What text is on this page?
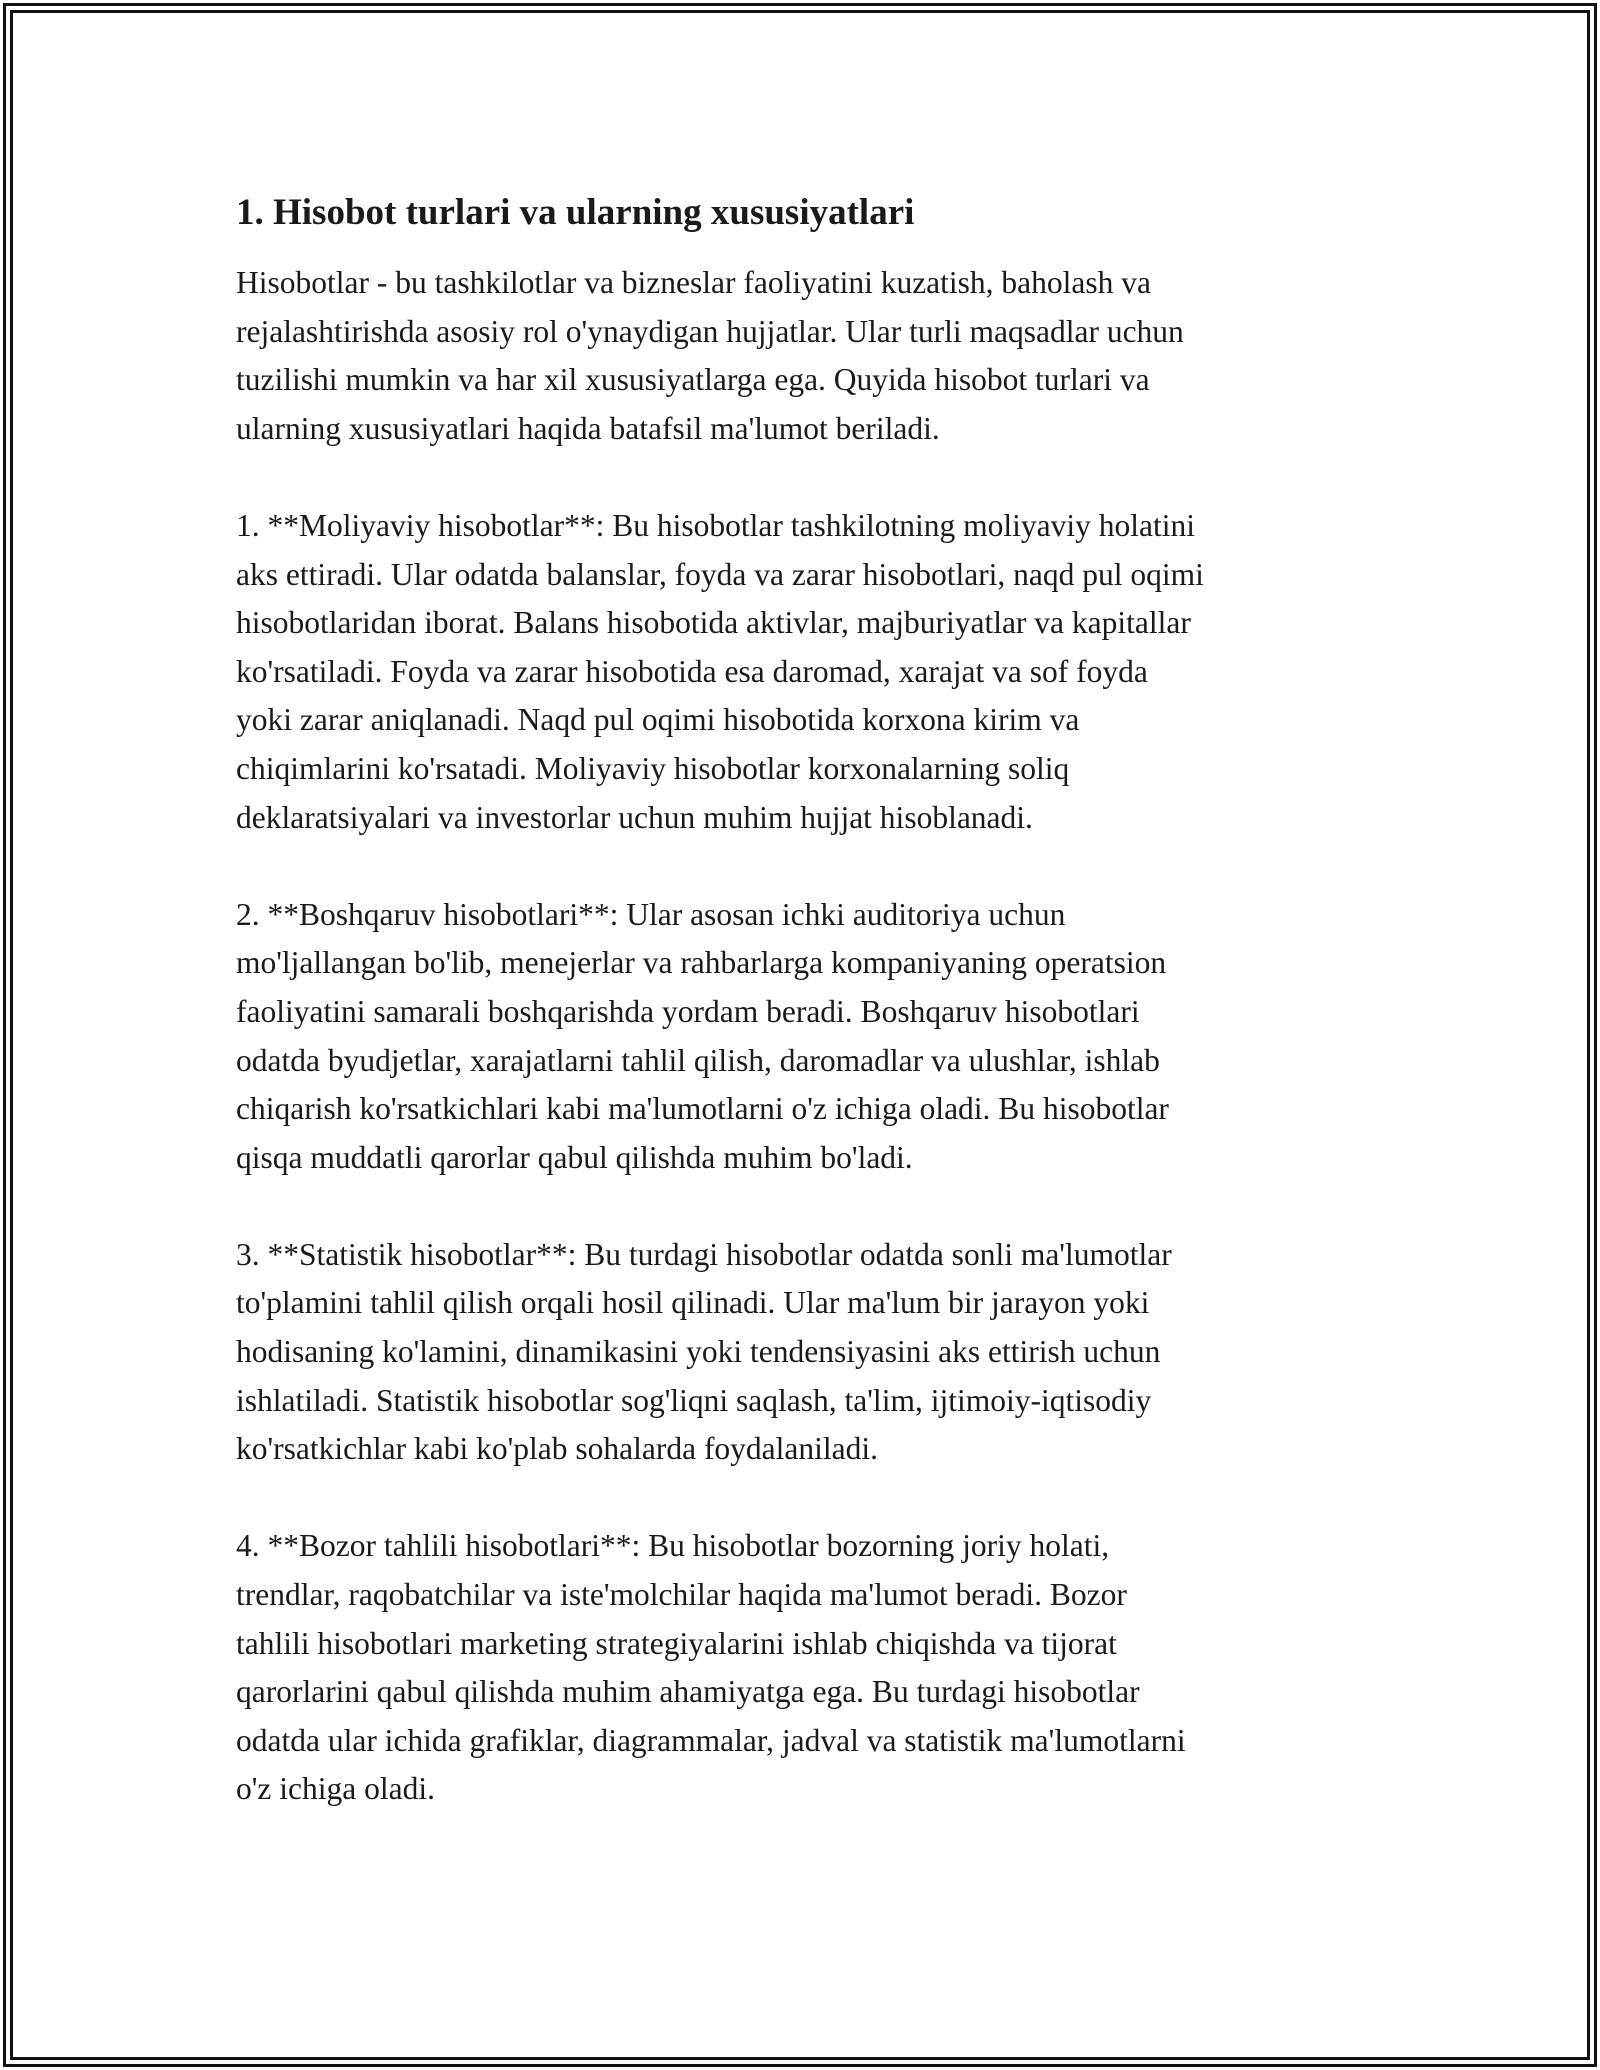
1. Hisobot turlari va ularning xususiyatlari

Hisobotlar - bu tashkilotlar va bizneslar faoliyatini kuzatish, baholash va
rejalashtirishda asosiy rol o'ynaydigan hujjatlar. Ular turli maqsadlar uchun
tuzilishi mumkin va har xil xususiyatlarga ega. Quyida hisobot turlari va
ularning xususiyatlari haqida batafsil ma'lumot beriladi.

1. **Moliyaviy hisobotlar**: Bu hisobotlar tashkilotning moliyaviy holatini
aks ettiradi. Ular odatda balanslar, foyda va zarar hisobotlari, naqd pul oqimi
hisobotlaridan iborat. Balans hisobotida aktivlar, majburiyatlar va kapitallar
ko'rsatiladi. Foyda va zarar hisobotida esa daromad, xarajat va sof foyda
yoki zarar aniqlanadi. Naqd pul oqimi hisobotida korxona kirim va
chiqimlarini ko'rsatadi. Moliyaviy hisobotlar korxonalarning soliq
deklaratsiyalari va investorlar uchun muhim hujjat hisoblanadi.

2. **Boshqaruv hisobotlari**: Ular asosan ichki auditoriya uchun
mo'ljallangan bo'lib, menejerlar va rahbarlarga kompaniyaning operatsion
faoliyatini samarali boshqarishda yordam beradi. Boshqaruv hisobotlari
odatda byudjetlar, xarajatlarni tahlil qilish, daromadlar va ulushlar, ishlab
chiqarish ko'rsatkichlari kabi ma'lumotlarni o'z ichiga oladi. Bu hisobotlar
qisqa muddatli qarorlar qabul qilishda muhim bo'ladi.

3. **Statistik hisobotlar**: Bu turdagi hisobotlar odatda sonli ma'lumotlar
to'plamini tahlil qilish orqali hosil qilinadi. Ular ma'lum bir jarayon yoki
hodisaning ko'lamini, dinamikasini yoki tendensiyasini aks ettirish uchun
ishlatiladi. Statistik hisobotlar sog'liqni saqlash, ta'lim, ijtimoiy-iqtisodiy
ko'rsatkichlar kabi ko'plab sohalarda foydalaniladi.

4. **Bozor tahlili hisobotlari**: Bu hisobotlar bozorning joriy holati,
trendlar, raqobatchilar va iste'molchilar haqida ma'lumot beradi. Bozor
tahlili hisobotlari marketing strategiyalarini ishlab chiqishda va tijorat
qarorlarini qabul qilishda muhim ahamiyatga ega. Bu turdagi hisobotlar
odatda ular ichida grafiklar, diagrammalar, jadval va statistik ma'lumotlarni
o'z ichiga oladi.
